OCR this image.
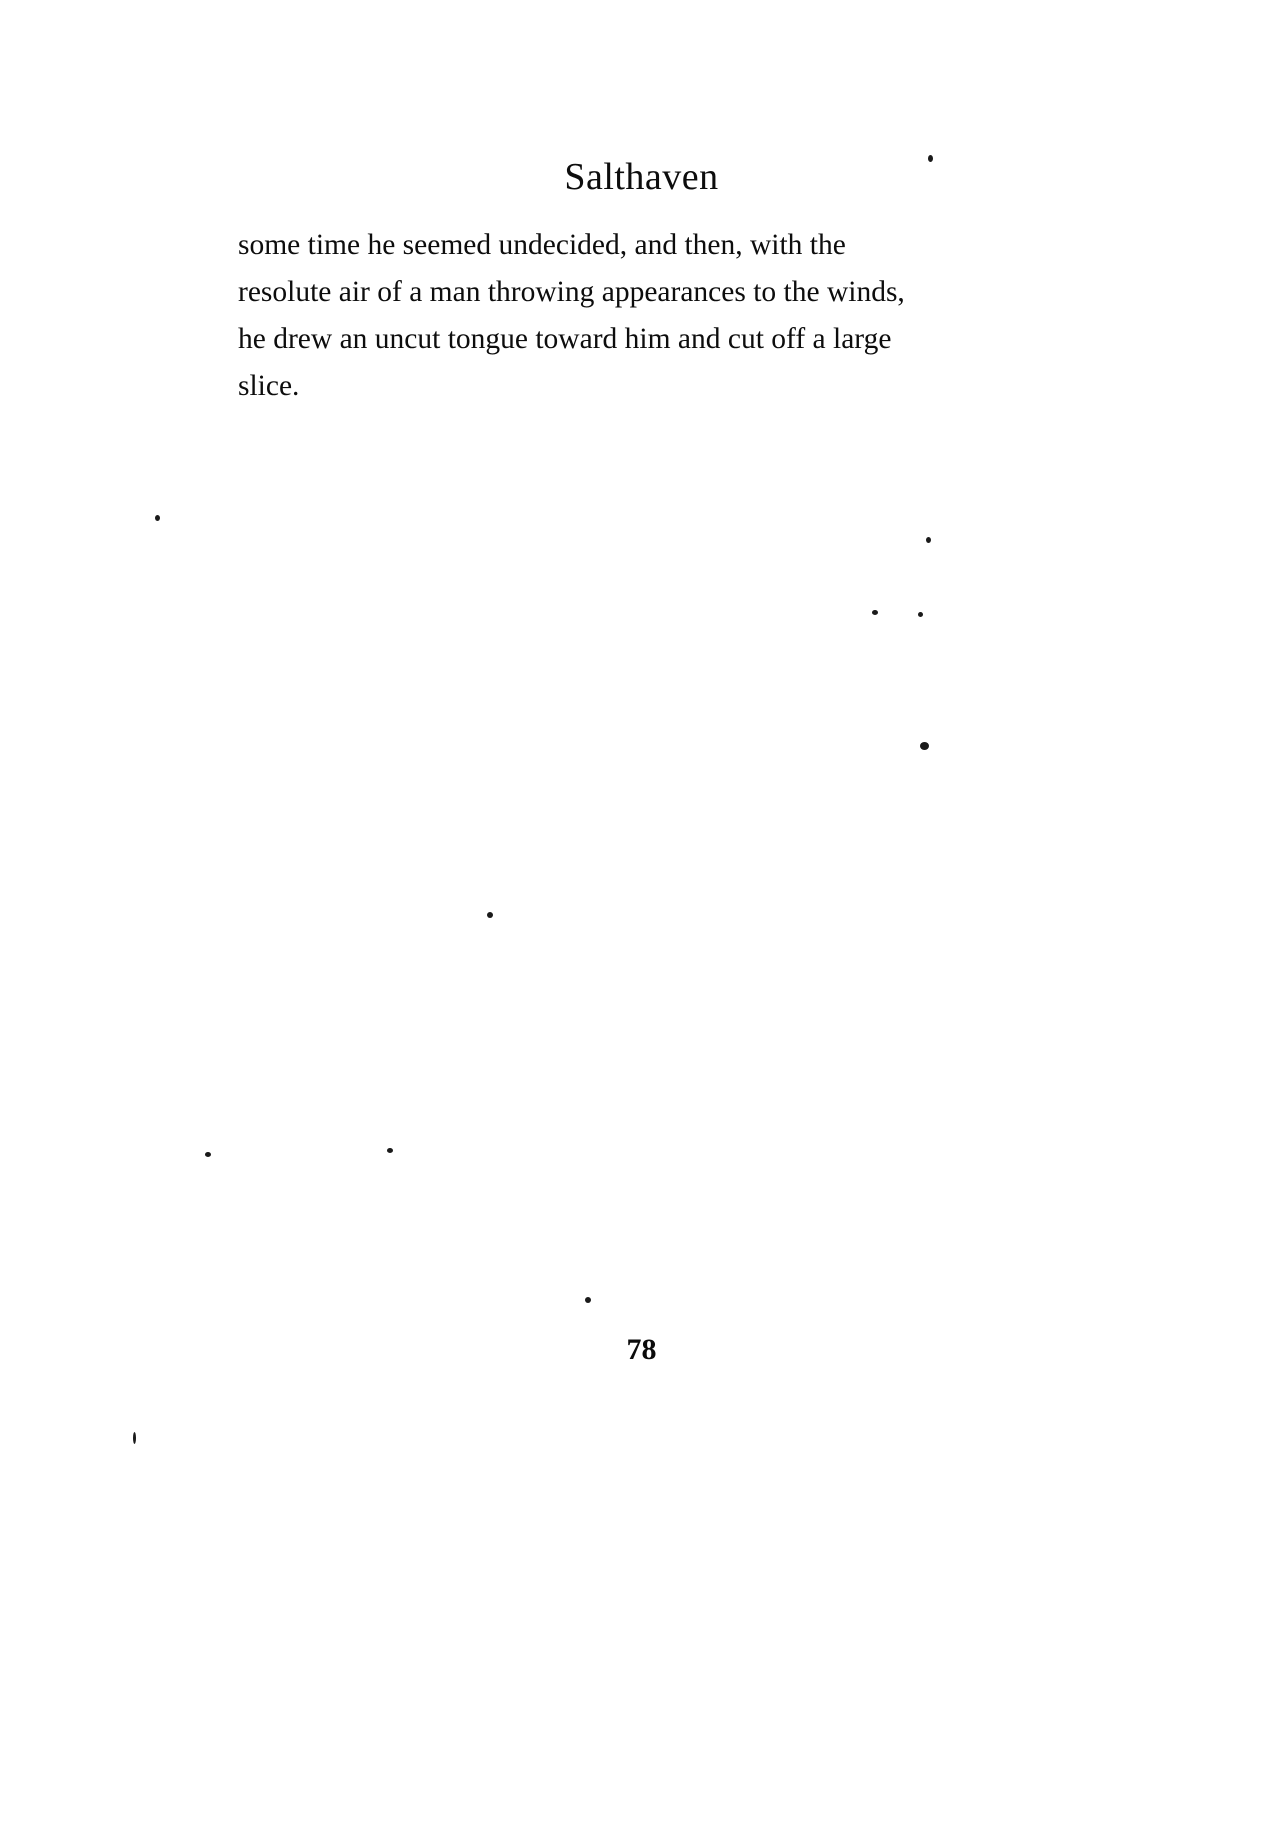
Salthaven

some time he seemed undecided, and then, with the resolute air of a man throwing appearances to the winds, he drew an uncut tongue toward him and cut off a large slice.

78
